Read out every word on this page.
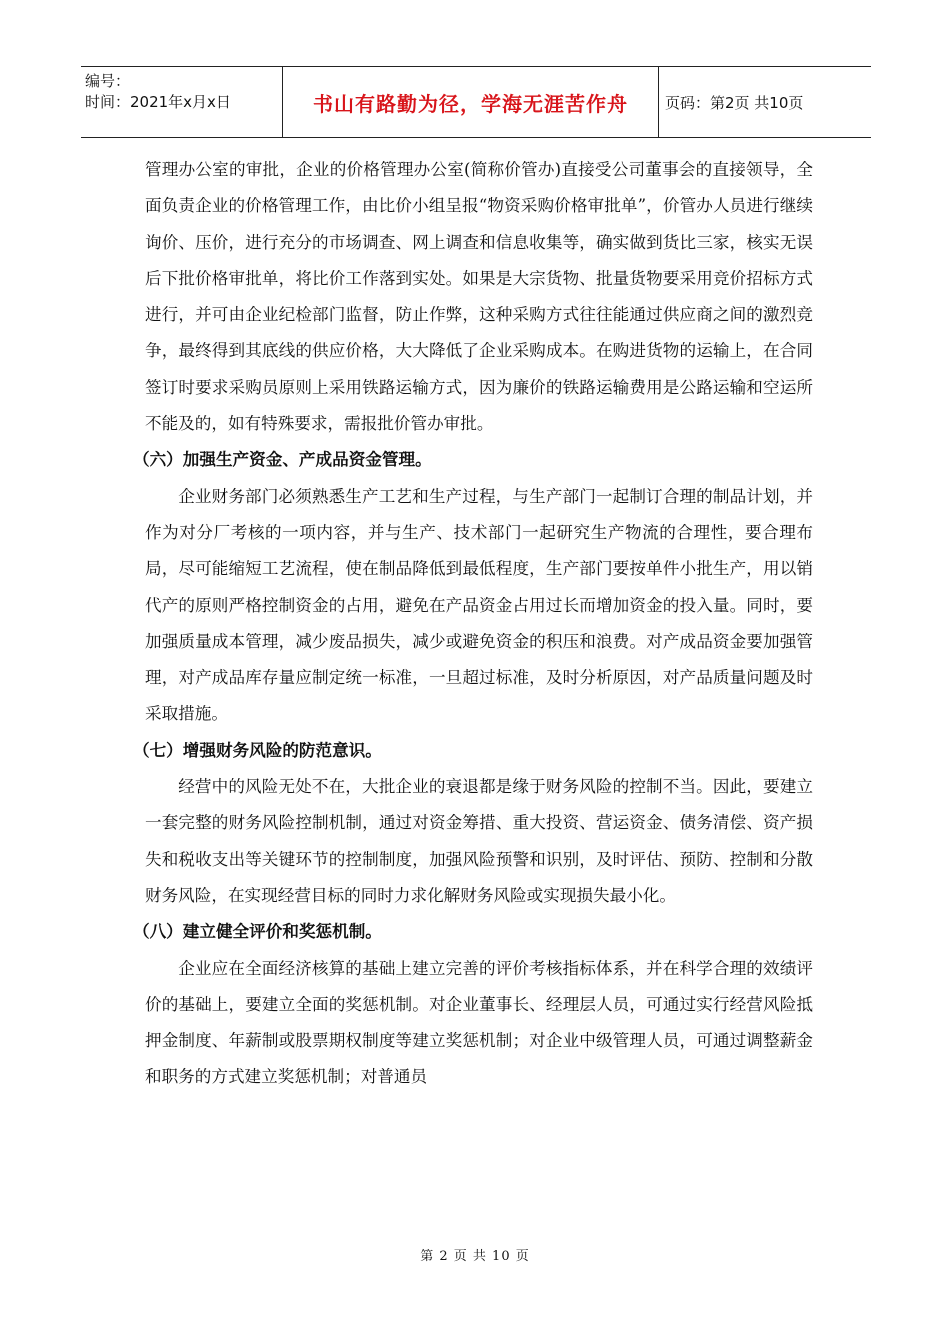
编号：
时间：2021年x月x日	书山有路勤为径，学海无涯苦作舟	页码：第2页 共10页

管理办公室的审批，企业的价格管理办公室(简称价管办)直接受公司董事会的直接领导，全面负责企业的价格管理工作，由比价小组呈报“物资采购价格审批单”，价管办人员进行继续询价、压价，进行充分的市场调查、网上调查和信息收集等，确实做到货比三家，核实无误后下批价格审批单，将比价工作落到实处。如果是大宗货物、批量货物要采用竞价招标方式进行，并可由企业纪检部门监督，防止作弊，这种采购方式往往能通过供应商之间的激烈竞争，最终得到其底线的供应价格，大大降低了企业采购成本。在购进货物的运输上，在合同签订时要求采购员原则上采用铁路运输方式，因为廉价的铁路运输费用是公路运输和空运所不能及的，如有特殊要求，需报批价管办审批。

（六）加强生产资金、产成品资金管理。

企业财务部门必须熟悉生产工艺和生产过程，与生产部门一起制订合理的制品计划，并作为对分厂考核的一项内容，并与生产、技术部门一起研究生产物流的合理性，要合理布局，尽可能缩短工艺流程，使在制品降低到最低程度，生产部门要按单件小批生产，用以销代产的原则严格控制资金的占用，避免在产品资金占用过长而增加资金的投入量。同时，要加强质量成本管理，减少废品损失，减少或避免资金的积压和浪费。对产成品资金要加强管理，对产成品库存量应制定统一标准，一旦超过标准，及时分析原因，对产品质量问题及时采取措施。

（七）增强财务风险的防范意识。

经营中的风险无处不在，大批企业的衰退都是缘于财务风险的控制不当。因此，要建立一套完整的财务风险控制机制，通过对资金筹措、重大投资、营运资金、债务清偿、资产损失和税收支出等关键环节的控制制度，加强风险预警和识别，及时评估、预防、控制和分散财务风险，在实现经营目标的同时力求化解财务风险或实现损失最小化。

（八）建立健全评价和奖惩机制。

企业应在全面经济核算的基础上建立完善的评价考核指标体系，并在科学合理的效绩评价的基础上，要建立全面的奖惩机制。对企业董事长、经理层人员，可通过实行经营风险抵押金制度、年薪制或股票期权制度等建立奖惩机制；对企业中级管理人员，可通过调整薪金和职务的方式建立奖惩机制；对普通员

第 2 页 共 10 页
